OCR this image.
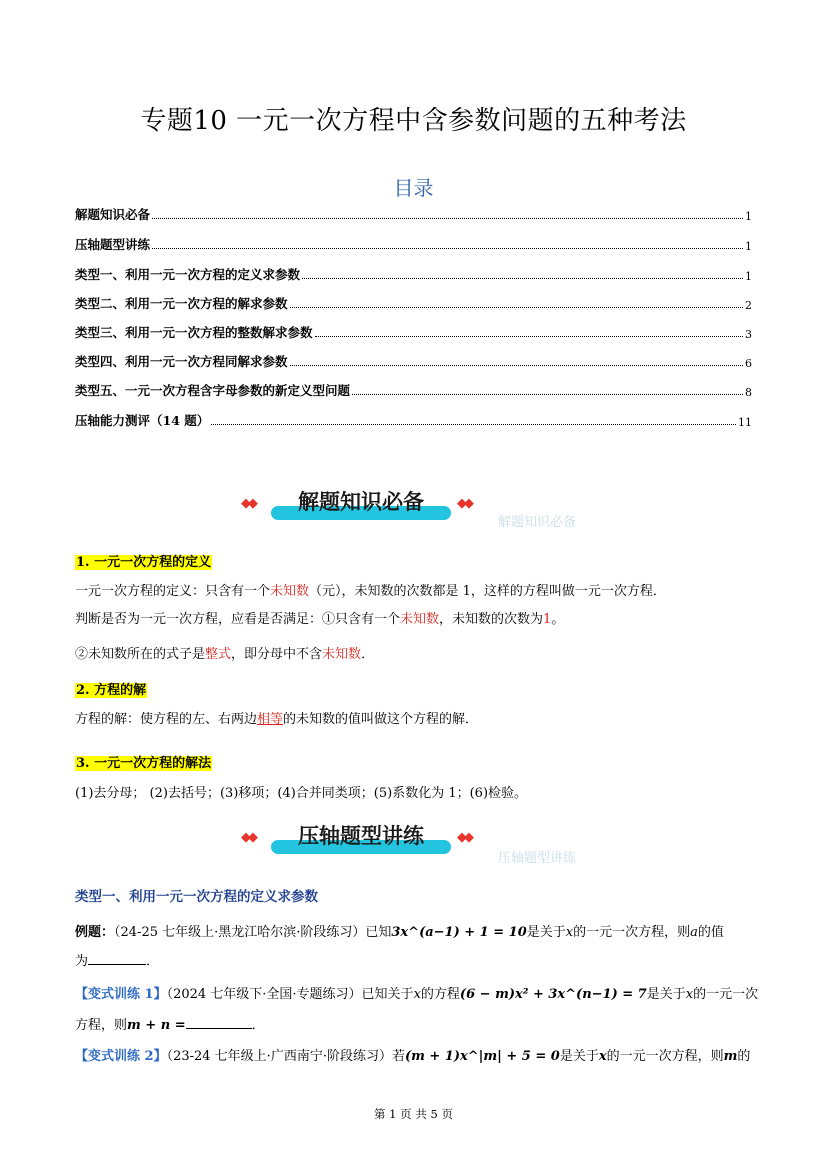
专题10 一元一次方程中含参数问题的五种考法
目录
解题知识必备	1
压轴题型讲练	1
类型一、利用一元一次方程的定义求参数	1
类型二、利用一元一次方程的解求参数	2
类型三、利用一元一次方程的整数解求参数	3
类型四、利用一元一次方程同解求参数	6
类型五、一元一次方程含字母参数的新定义型问题	8
压轴能力测评（14 题）	11
◆◆	解题知识必备	◆◆
解题知识必备
1. 一元一次方程的定义
一元一次方程的定义：只含有一个未知数（元），未知数的次数都是 1，这样的方程叫做一元一次方程．
判断是否为一元一次方程，应看是否满足：①只含有一个未知数，未知数的次数为1。
②未知数所在的式子是整式，即分母中不含未知数．
2. 方程的解
方程的解：使方程的左、右两边相等的未知数的值叫做这个方程的解．
3. 一元一次方程的解法
(1)去分母； (2)去括号；(3)移项；(4)合并同类项；(5)系数化为 1；(6)检验。
◆◆	压轴题型讲练	◆◆
压轴题型讲练
类型一、利用一元一次方程的定义求参数
例题：（24-25 七年级上·黑龙江哈尔滨·阶段练习）已知3x^(a−1) + 1 = 10是关于x的一元一次方程，则a的值
为	．
【变式训练 1】（2024 七年级下·全国·专题练习）已知关于x的方程(6 − m)x² + 3x^(n−1) = 7是关于x的一元一次
方程，则m + n =	．
【变式训练 2】（23-24 七年级上·广西南宁·阶段练习）若(m + 1)x^|m| + 5 = 0是关于x的一元一次方程，则m的
第 1 页 共 5 页
